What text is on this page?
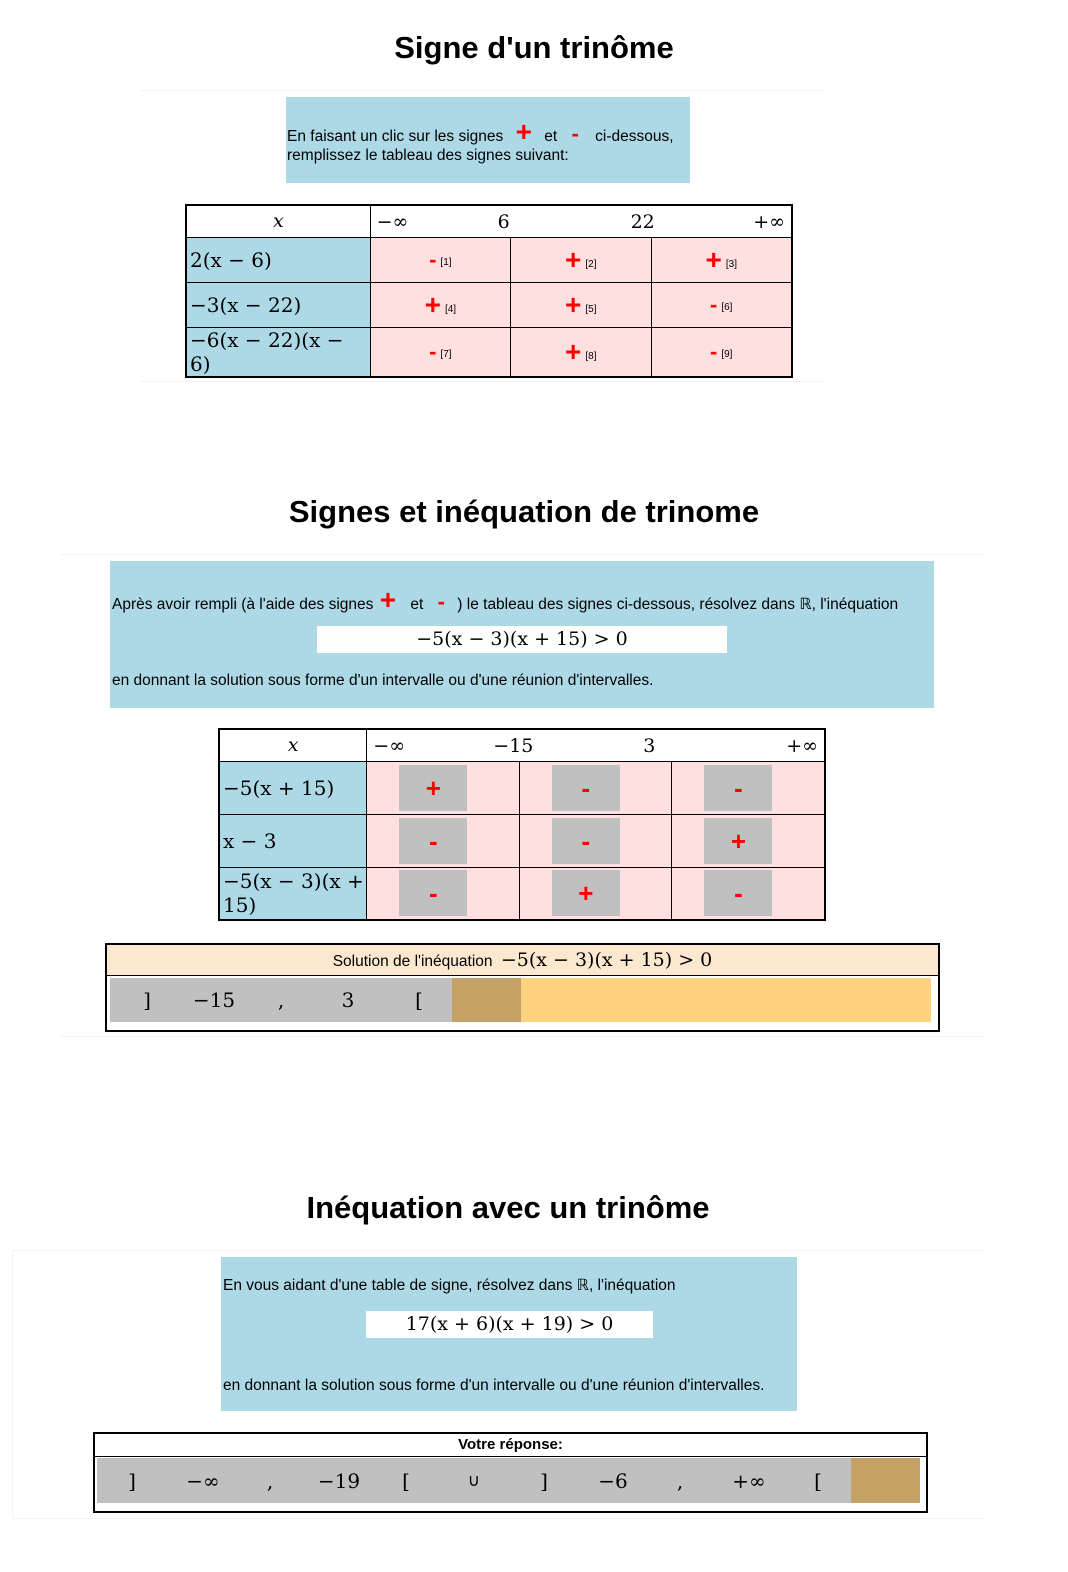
Signe d'un trinôme
En faisant un clic sur les signes + et - ci-dessous,
remplissez le tableau des signes suivant:
x	−∞ 6 22 +∞		

2(x − 6)	- [1]	+ [2]	+ [3]
−3(x − 22)	+ [4]	+ [5]	- [6]
−6(x − 22)(x − 6)	- [7]	+ [8]	- [9]
Signes et inéquation de trinome
Après avoir rempli (à l'aide des signes + et - ) le tableau des signes ci-dessous, résolvez dans ℝ, l'inéquation
−5(x − 3)(x + 15) > 0
en donnant la solution sous forme d'un intervalle ou d'une réunion d'intervalles.
x	−∞ −15 3 +∞		

−5(x + 15)	+	-	-
x − 3	-	-	+
−5(x − 3)(x + 15)	-	+	-
Solution de l'inéquation −5(x − 3)(x + 15) > 0
]	−15	,	3	[
Inéquation avec un trinôme
En vous aidant d'une table de signe, résolvez dans ℝ, l'inéquation
17(x + 6)(x + 19) > 0
en donnant la solution sous forme d'un intervalle ou d'une réunion d'intervalles.
Votre réponse:
]	−∞	,	−19	[	∪	]	−6	,	+∞	[
